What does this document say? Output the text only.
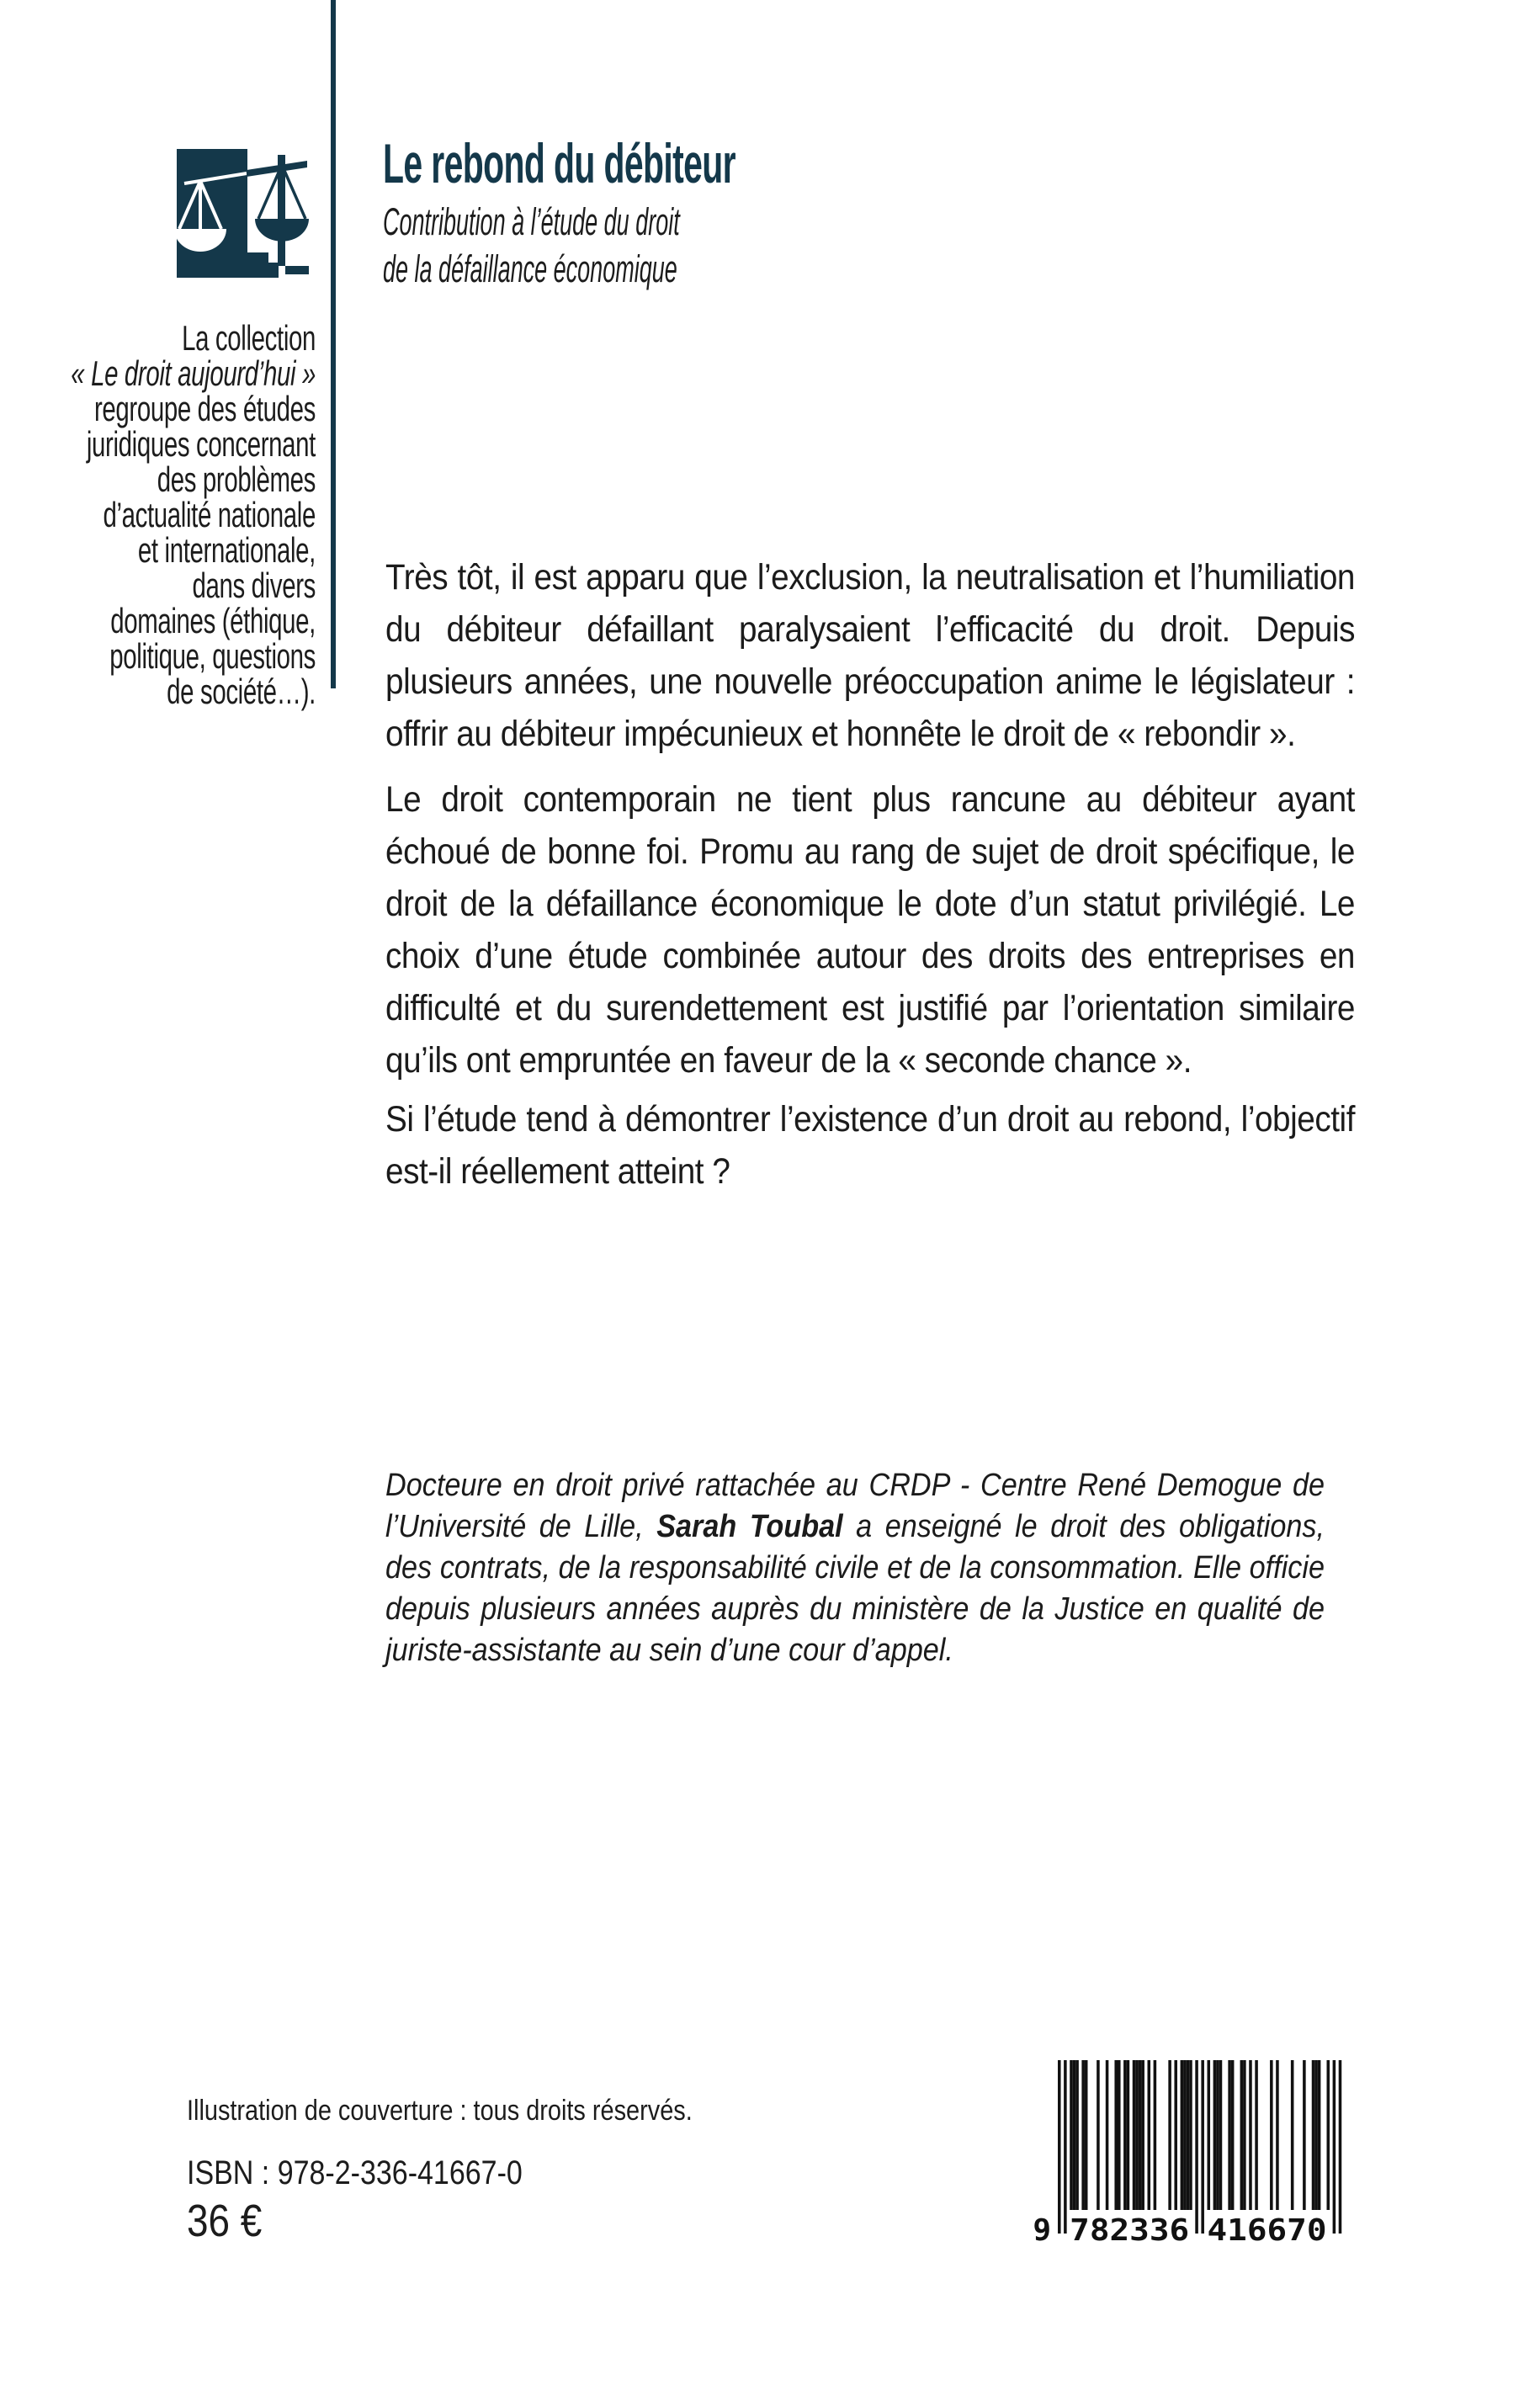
La collection
« Le droit aujourd’hui »
regroupe des études
juridiques concernant
des problèmes
d’actualité nationale
et internationale,
dans divers
domaines (éthique,
politique, questions
de société…).
Le rebond du débiteur
Contribution à l’étude du droit
de la défaillance économique

Très tôt, il est apparu que l’exclusion, la neutralisation et l’humiliation du débiteur défaillant paralysaient l’efficacité du droit. Depuis plusieurs années, une nouvelle préoccupation anime le législateur : offrir au débiteur impécunieux et honnête le droit de « rebondir ».

Le droit contemporain ne tient plus rancune au débiteur ayant échoué de bonne foi. Promu au rang de sujet de droit spécifique, le droit de la défaillance économique le dote d’un statut privilégié. Le choix d’une étude combinée autour des droits des entreprises en difficulté et du surendettement est justifié par l’orientation similaire qu’ils ont empruntée en faveur de la « seconde chance ».

Si l’étude tend à démontrer l’existence d’un droit au rebond, l’objectif est-il réellement atteint ?

Docteure en droit privé rattachée au CRDP - Centre René Demogue de l’Université de Lille, Sarah Toubal a enseigné le droit des obligations, des contrats, de la responsabilité civile et de la consommation. Elle officie depuis plusieurs années auprès du ministère de la Justice en qualité de juriste-assistante au sein d’une cour d’appel.

Illustration de couverture : tous droits réservés.
ISBN : 978-2-336-41667-0
36 €	9 782336 416670
